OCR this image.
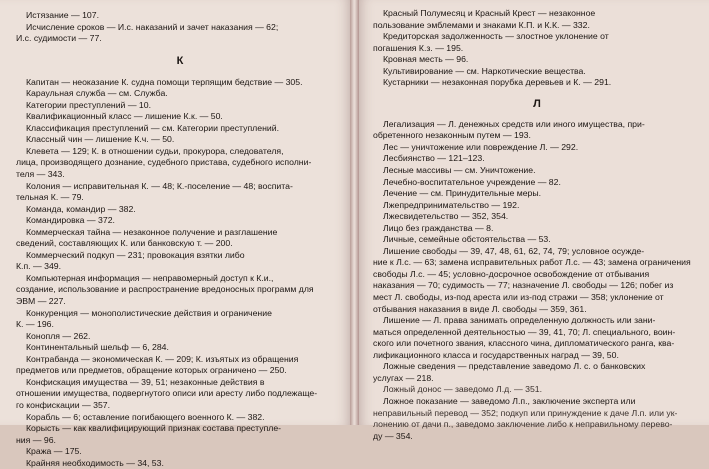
Истязание — 107.
Исчисление сроков — И.с. наказаний и зачет наказания — 62;
И.с. судимости — 77.
К
Капитан — неоказание К. судна помощи терпящим бедствие — 305.
Караульная служба — см. Служба.
Категории преступлений — 10.
Квалификационный класс — лишение К.к. — 50.
Классификация преступлений — см. Категории преступлений.
Классный чин — лишение К.ч. — 50.
Клевета — 129; К. в отношении судьи, прокурора, следователя,
лица, производящего дознание, судебного пристава, судебного исполни-
теля — 343.
Колония — исправительная К. — 48; К.-поселение — 48; воспита-
тельная К. — 79.
Команда, командир — 382.
Командировка — 372.
Коммерческая тайна — незаконное получение и разглашение
сведений, составляющих К. или банковскую т. — 200.
Коммерческий подкуп — 231; провокация взятки либо
К.п. — 349.
Компьютерная информация — неправомерный доступ к К.и.,
создание, использование и распространение вредоносных программ для
ЭВМ — 227.
Конкуренция — монополистические действия и ограничение
К. — 196.
Конопля — 262.
Континентальный шельф — 6, 284.
Контрабанда — экономическая К. — 209; К. изъятых из обращения
предметов или предметов, обращение которых ограничено — 250.
Конфискация имущества — 39, 51; незаконные действия в
отношении имущества, подвергнутого описи или аресту либо подлежаще-
го конфискации — 357.
Корабль — 6; оставление погибающего военного К. — 382.
Корысть — как квалифицирующий признак состава преступле-
ния — 96.
Кража — 175.
Крайняя необходимость — 34, 53.
Красный Полумесяц и Красный Крест — незаконное
пользование эмблемами и знаками К.П. и К.К. — 332.
Кредиторская задолженность — злостное уклонение от
погашения К.з. — 195.
Кровная месть — 96.
Культивирование — см. Наркотические вещества.
Кустарники — незаконная порубка деревьев и К. — 291.
Л
Легализация — Л. денежных средств или иного имущества, при-
обретенного незаконным путем — 193.
Лес — уничтожение или повреждение Л. — 292.
Лесбиянство — 121–123.
Лесные массивы — см. Уничтожение.
Лечебно-воспитательное учреждение — 82.
Лечение — см. Принудительные меры.
Лжепредпринимательство — 192.
Лжесвидетельство — 352, 354.
Лицо без гражданства — 8.
Личные, семейные обстоятельства — 53.
Лишение свободы — 39, 47, 48, 61, 62, 74, 79; условное осужде-
ние к Л.с. — 63; замена исправительных работ Л.с. — 43; замена ограничения
свободы Л.с. — 45; условно-досрочное освобождение от отбывания
наказания — 70; судимость — 77; назначение Л. свободы — 126; побег из
мест Л. свободы, из-под ареста или из-под стражи — 358; уклонение от
отбывания наказания в виде Л. свободы — 359, 361.
Лишение — Л. права занимать определенную должность или зани-
маться определенной деятельностью — 39, 41, 70; Л. специального, воин-
ского или почетного звания, классного чина, дипломатического ранга, ква-
лификационного класса и государственных наград — 39, 50.
Ложные сведения — представление заведомо Л. с. о банковских
услугах — 218.
Ложный донос — заведомо Л.д. — 351.
Ложное показание — заведомо Л.п., заключение эксперта или
неправильный перевод — 352; подкуп или принуждение к даче Л.п. или ук-
лонению от дачи п., заведомо заключение либо к неправильному перево-
ду — 354.
